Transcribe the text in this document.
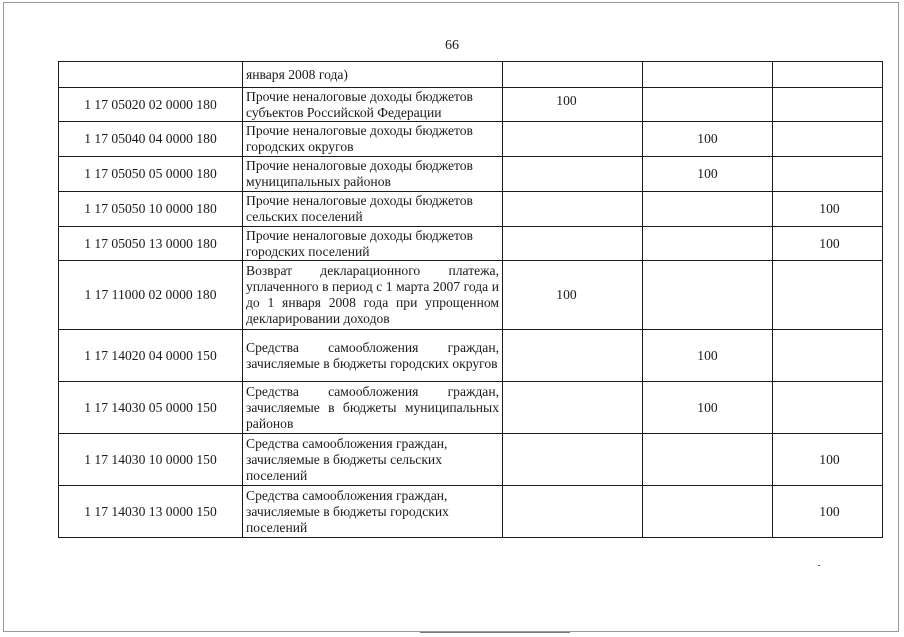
66
	января 2008 года)			
1 17 05020 02 0000 180	Прочие неналоговые доходы бюджетов субъектов Российской Федерации	100		
1 17 05040 04 0000 180	Прочие неналоговые доходы бюджетов городских округов		100	
1 17 05050 05 0000 180	Прочие неналоговые доходы бюджетов муниципальных районов		100	
1 17 05050 10 0000 180	Прочие неналоговые доходы бюджетов сельских поселений			100
1 17 05050 13 0000 180	Прочие неналоговые доходы бюджетов городских поселений			100
1 17 11000 02 0000 180	Возврат декларационного платежа, уплаченного в период с 1 марта 2007 года и до 1 января 2008 года при упрощенном декларировании доходов	100		
1 17 14020 04 0000 150	Средства самообложения граждан, зачисляемые в бюджеты городских округов		100	
1 17 14030 05 0000 150	Средства самообложения граждан, зачисляемые в бюджеты муниципальных районов		100	
1 17 14030 10 0000 150	Средства самообложения граждан, зачисляемые в бюджеты сельских поселений			100
1 17 14030 13 0000 150	Средства самообложения граждан, зачисляемые в бюджеты городских поселений			100
